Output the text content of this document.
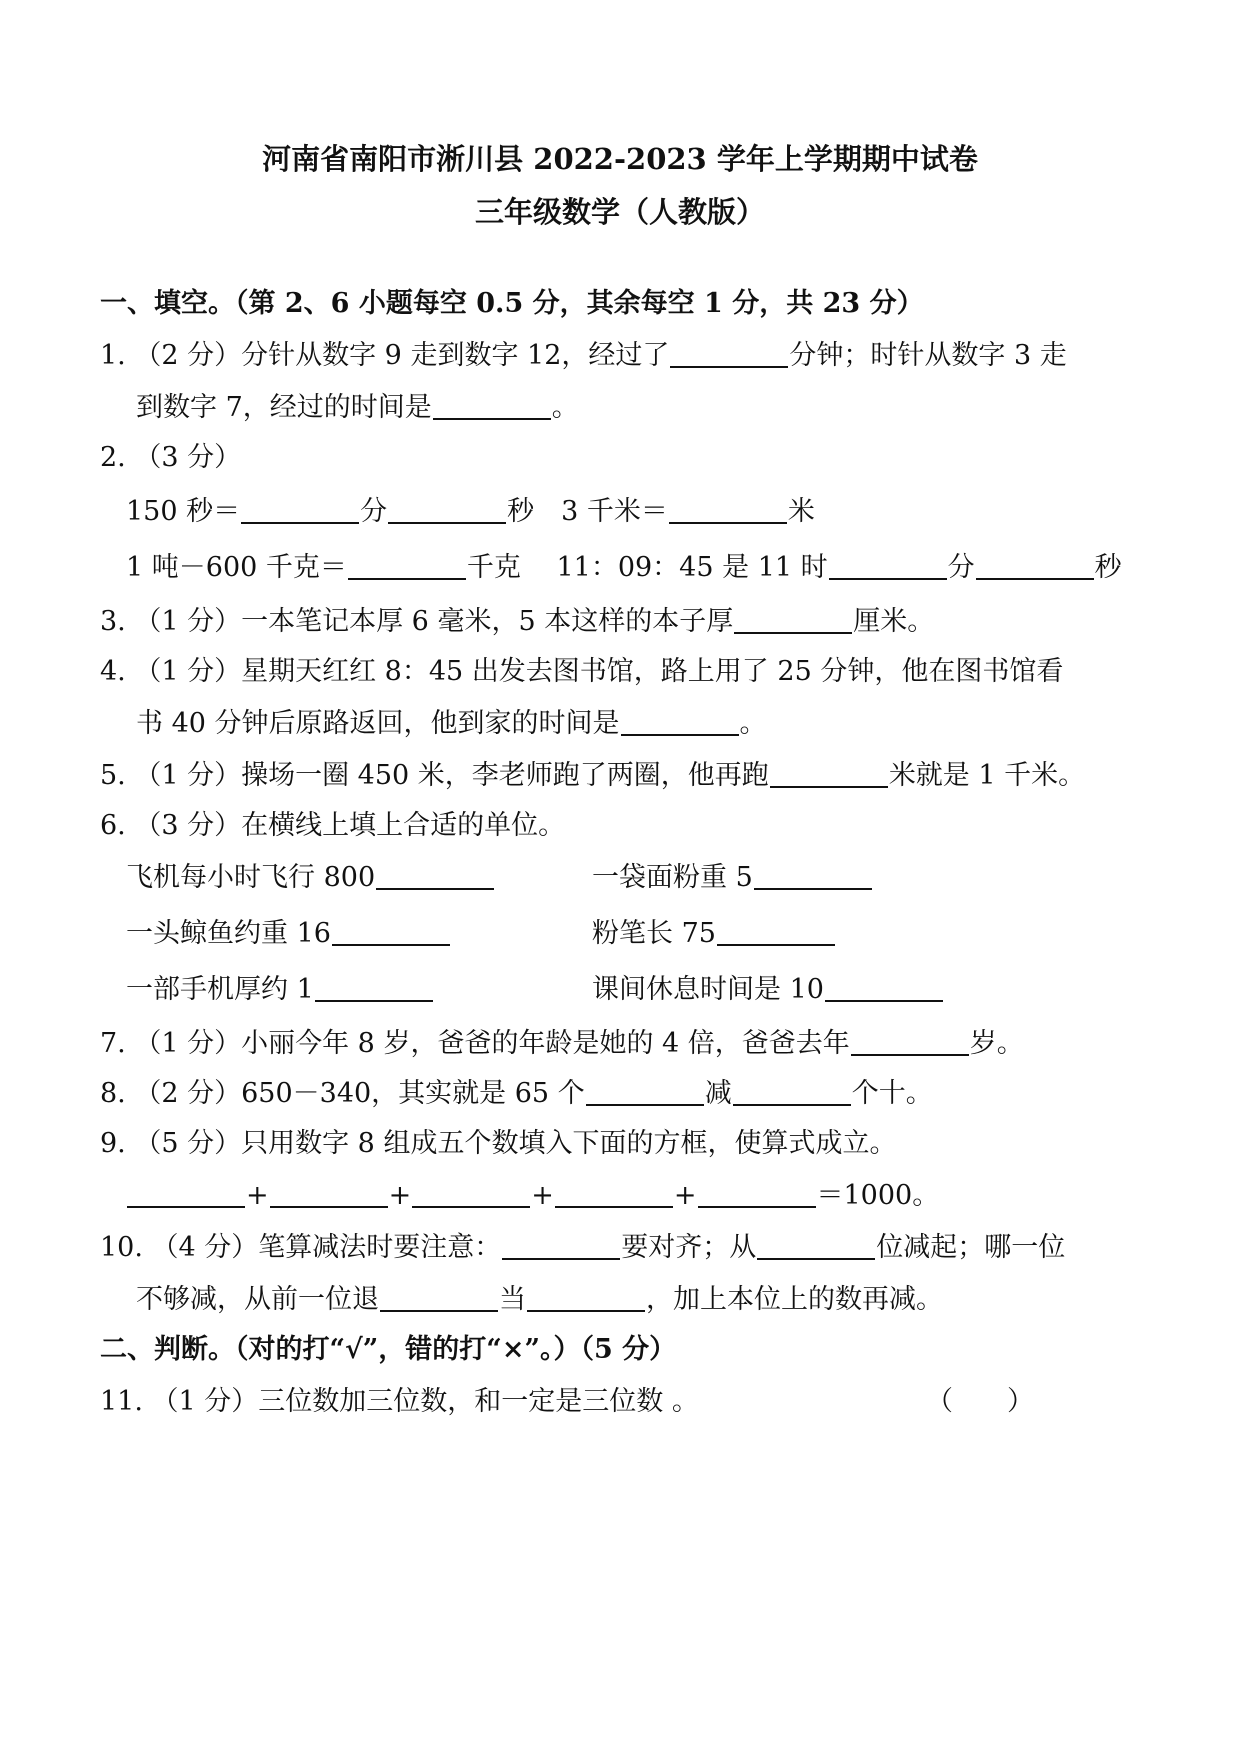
河南省南阳市淅川县 2022-2023 学年上学期期中试卷
三年级数学（人教版）
一、填空。（第 2、6 小题每空 0.5 分，其余每空 1 分，共 23 分）
1. （2 分）分针从数字 9 走到数字 12，经过了	分钟；时针从数字 3 走
到数字 7，经过的时间是	。
2. （3 分）
150 秒＝	分	秒　3 千米＝	米
1 吨－600 千克＝	千克　 11：09：45 是 11 时	分	秒
3. （1 分）一本笔记本厚 6 毫米，5 本这样的本子厚	厘米。
4. （1 分）星期天红红 8：45 出发去图书馆，路上用了 25 分钟，他在图书馆看
书 40 分钟后原路返回，他到家的时间是	。
5. （1 分）操场一圈 450 米，李老师跑了两圈，他再跑	米就是 1 千米。
6. （3 分）在横线上填上合适的单位。
飞机每小时飞行 800	一袋面粉重 5
一头鲸鱼约重 16	粉笔长 75
一部手机厚约 1	课间休息时间是 10
7. （1 分）小丽今年 8 岁，爸爸的年龄是她的 4 倍，爸爸去年	岁。
8. （2 分）650－340，其实就是 65 个	减	个十。
9. （5 分）只用数字 8 组成五个数填入下面的方框，使算式成立。
+	+	+	+	＝1000。
10. （4 分）笔算减法时要注意：	要对齐；从	位减起；哪一位
不够减，从前一位退	当	，加上本位上的数再减。
二、判断。（对的打“√”，错的打“×”。）（5 分）
11. （1 分）三位数加三位数，和一定是三位数 。	（　　）
